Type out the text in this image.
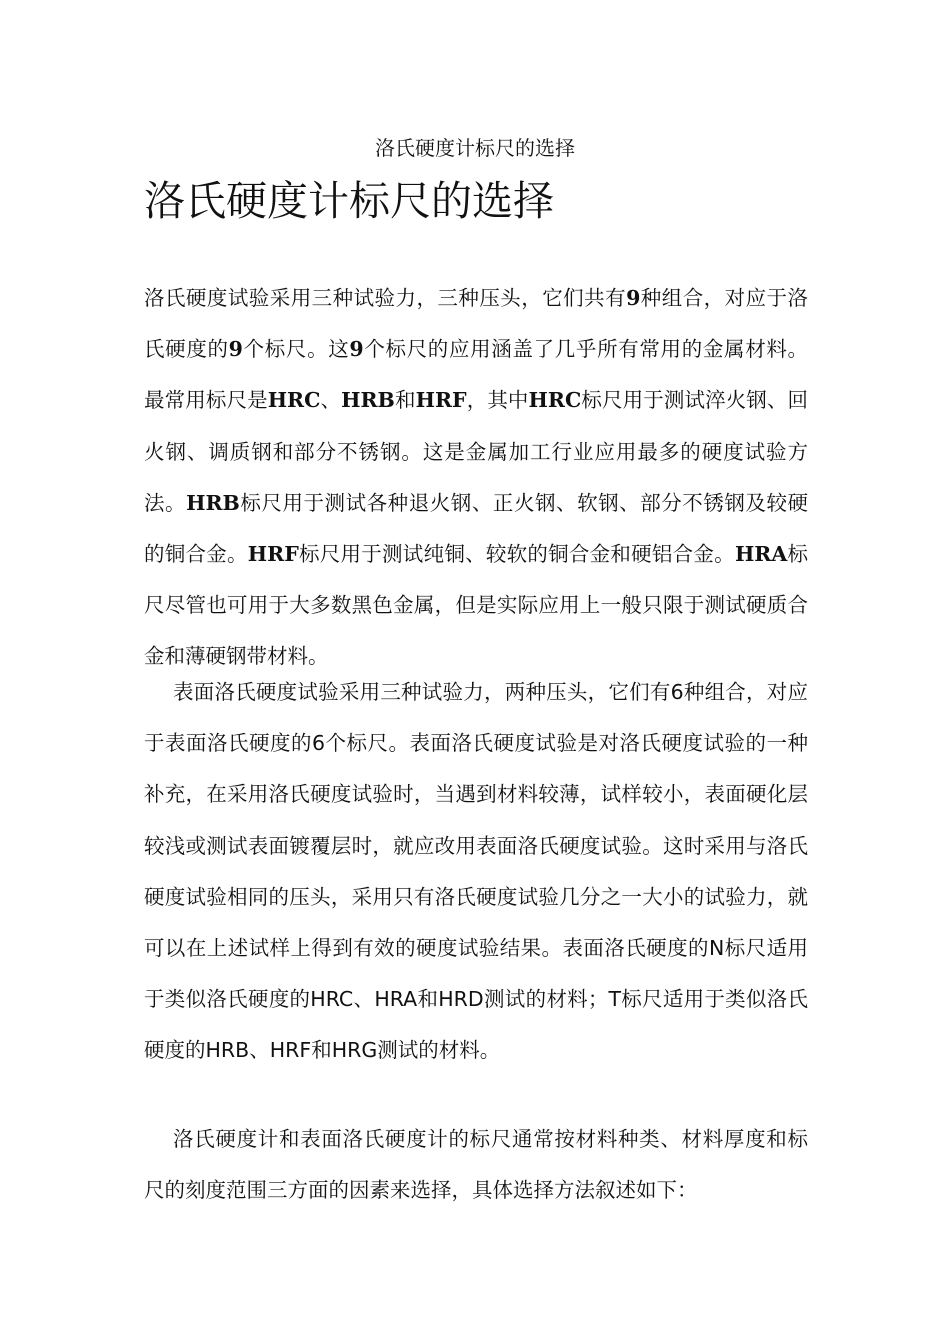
洛氏硬度计标尺的选择
洛氏硬度计标尺的选择

洛氏硬度试验采用三种试验力，三种压头，它们共有9种组合，对应于洛氏硬度的9个标尺。这9个标尺的应用涵盖了几乎所有常用的金属材料。最常用标尺是HRC、HRB和HRF，其中HRC标尺用于测试淬火钢、回火钢、调质钢和部分不锈钢。这是金属加工行业应用最多的硬度试验方法。HRB标尺用于测试各种退火钢、正火钢、软钢、部分不锈钢及较硬的铜合金。HRF标尺用于测试纯铜、较软的铜合金和硬铝合金。HRA标尺尽管也可用于大多数黑色金属，但是实际应用上一般只限于测试硬质合金和薄硬钢带材料。

表面洛氏硬度试验采用三种试验力，两种压头，它们有6种组合，对应于表面洛氏硬度的6个标尺。表面洛氏硬度试验是对洛氏硬度试验的一种补充，在采用洛氏硬度试验时，当遇到材料较薄，试样较小，表面硬化层较浅或测试表面镀覆层时，就应改用表面洛氏硬度试验。这时采用与洛氏硬度试验相同的压头，采用只有洛氏硬度试验几分之一大小的试验力，就可以在上述试样上得到有效的硬度试验结果。表面洛氏硬度的N标尺适用于类似洛氏硬度的HRC、HRA和HRD测试的材料；T标尺适用于类似洛氏硬度的HRB、HRF和HRG测试的材料。

洛氏硬度计和表面洛氏硬度计的标尺通常按材料种类、材料厚度和标尺的刻度范围三方面的因素来选择，具体选择方法叙述如下：
